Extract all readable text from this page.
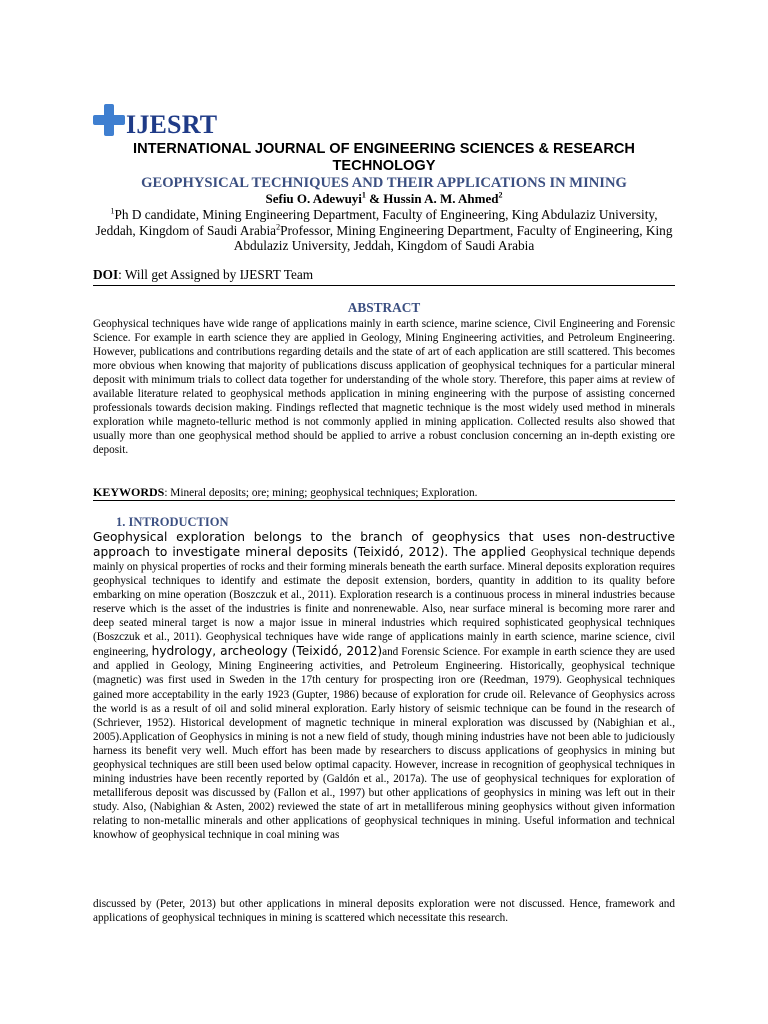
IJESRT
INTERNATIONAL JOURNAL OF ENGINEERING SCIENCES & RESEARCH TECHNOLOGY
GEOPHYSICAL TECHNIQUES AND THEIR APPLICATIONS IN MINING
Sefiu O. Adewuyi$^1$ & Hussin A. M. Ahmed$^2$
$^1$Ph D candidate, Mining Engineering Department, Faculty of Engineering, King Abdulaziz University, Jeddah, Kingdom of Saudi Arabia$^2$Professor, Mining Engineering Department, Faculty of Engineering, King Abdulaziz University, Jeddah, Kingdom of Saudi Arabia
DOI: Will get Assigned by IJESRT Team
ABSTRACT
Geophysical techniques have wide range of applications mainly in earth science, marine science, Civil Engineering and Forensic Science. For example in earth science they are applied in Geology, Mining Engineering activities, and Petroleum Engineering. However, publications and contributions regarding details and the state of art of each application are still scattered. This becomes more obvious when knowing that majority of publications discuss application of geophysical techniques for a particular mineral deposit with minimum trials to collect data together for understanding of the whole story. Therefore, this paper aims at review of available literature related to geophysical methods application in mining engineering with the purpose of assisting concerned professionals towards decision making. Findings reflected that magnetic technique is the most widely used method in minerals exploration while magneto-telluric method is not commonly applied in mining application. Collected results also showed that usually more than one geophysical method should be applied to arrive a robust conclusion concerning an in-depth existing ore deposit.
KEYWORDS: Mineral deposits; ore; mining; geophysical techniques; Exploration.
1. INTRODUCTION
Geophysical exploration belongs to the branch of geophysics that uses non-destructive approach to investigate mineral deposits (Teixidó, 2012). The applied Geophysical technique depends mainly on physical properties of rocks and their forming minerals beneath the earth surface. Mineral deposits exploration requires geophysical techniques to identify and estimate the deposit extension, borders, quantity in addition to its quality before embarking on mine operation (Boszczuk et al., 2011). Exploration research is a continuous process in mineral industries because reserve which is the asset of the industries is finite and nonrenewable. Also, near surface mineral is becoming more rarer and deep seated mineral target is now a major issue in mineral industries which required sophisticated geophysical techniques (Boszczuk et al., 2011). Geophysical techniques have wide range of applications mainly in earth science, marine science, civil engineering, hydrology, archeology (Teixidó, 2012)and Forensic Science. For example in earth science they are used and applied in Geology, Mining Engineering activities, and Petroleum Engineering. Historically, geophysical technique (magnetic) was first used in Sweden in the 17th century for prospecting iron ore (Reedman, 1979). Geophysical techniques gained more acceptability in the early 1923 (Gupter, 1986) because of exploration for crude oil. Relevance of Geophysics across the world is as a result of oil and solid mineral exploration. Early history of seismic technique can be found in the research of (Schriever, 1952). Historical development of magnetic technique in mineral exploration was discussed by (Nabighian et al., 2005).Application of Geophysics in mining is not a new field of study, though mining industries have not been able to judiciously harness its benefit very well. Much effort has been made by researchers to discuss applications of geophysics in mining but geophysical techniques are still been used below optimal capacity. However, increase in recognition of geophysical techniques in mining industries have been recently reported by (Galdón et al., 2017a). The use of geophysical techniques for exploration of metalliferous deposit was discussed by (Fallon et al., 1997) but other applications of geophysics in mining was left out in their study. Also, (Nabighian & Asten, 2002) reviewed the state of art in metalliferous mining geophysics without given information relating to non-metallic minerals and other applications of geophysical techniques in mining. Useful information and technical knowhow of geophysical technique in coal mining was
discussed by (Peter, 2013) but other applications in mineral deposits exploration were not discussed. Hence, framework and applications of geophysical techniques in mining is scattered which necessitate this research.
